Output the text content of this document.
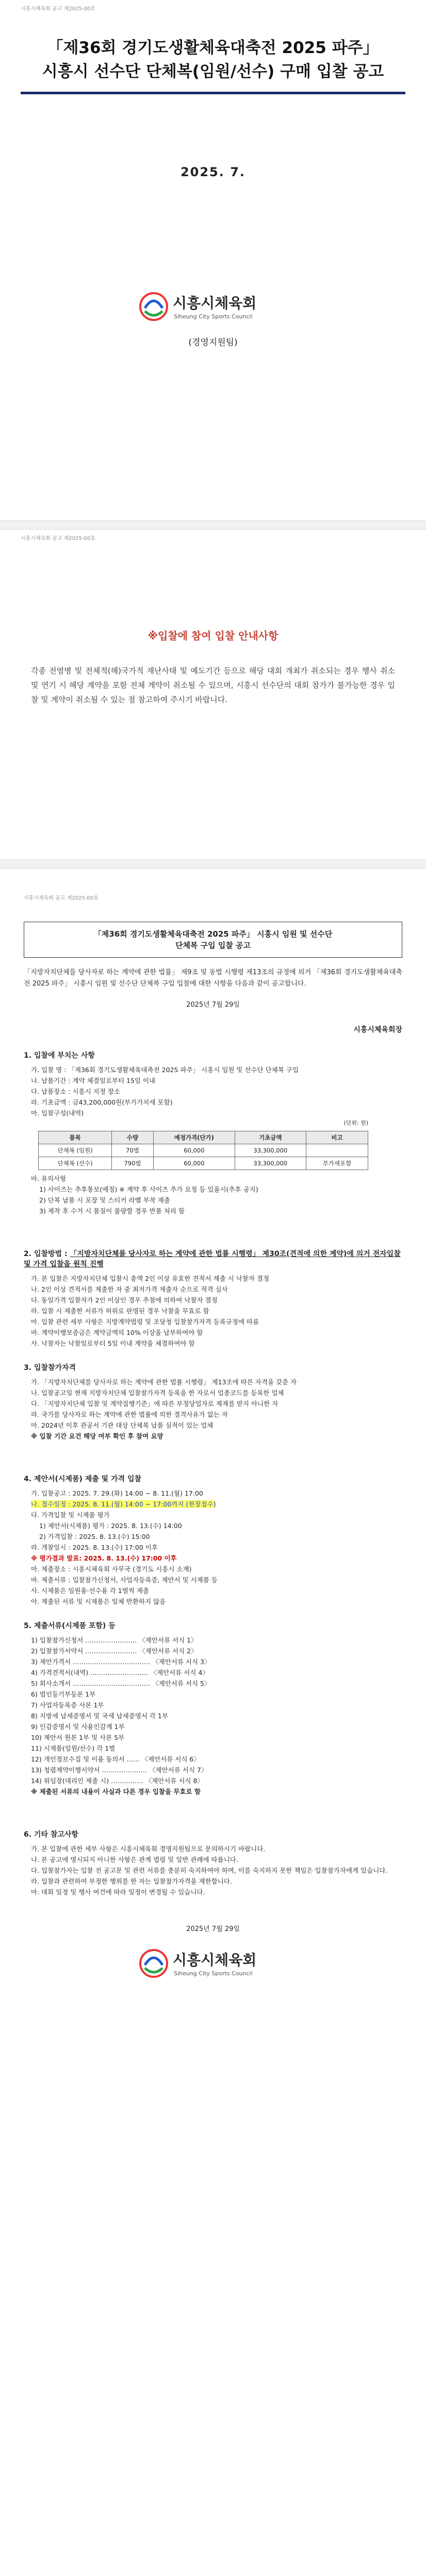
시흥시체육회 공고 제2025-00호
「제36회 경기도생활체육대축전 2025 파주」
시흥시 선수단 단체복(임원/선수) 구매 입찰 공고
2025. 7.
시흥시체육회
Siheung City Sports Council
(경영지원팀)
시흥시체육회 공고 제2025-00호
※입찰에 참여 입찰 안내사항
각종 전염병 및 전체적(해)국가적 재난사태 및 예도기간 등으로 해당 대회 개최가 취소되는 경우 행사 취소 및 연기 시 해당 계약을 포함 전체 계약이 취소될 수 있으며, 시흥시 선수단의 대회 참가가 불가능한 경우 입찰 및 계약이 취소될 수 있는 점 참고하여 주시기 바랍니다.
시흥시체육회 공고 제2025-00호
「제36회 경기도생활체육대축전 2025 파주」 시흥시 임원 및 선수단
단체복 구입 입찰 공고
「지방자치단체를 당사자로 하는 계약에 관한 법률」 제9조 및 동법 시행령 제13조의 규정에 의거 「제36회 경기도생활체육대축전 2025 파주」 시흥시 임원 및 선수단 단체복 구입 입찰에 대한 사항을 다음과 같이 공고합니다.
2025년 7월 29일
시흥시체육회장
1. 입찰에 부치는 사항
가. 입찰 명 : 「제36회 경기도생활체육대축전 2025 파주」 시흥시 임원 및 선수단 단체복 구입
나. 납품기간 : 계약 체결일로부터 15일 이내
다. 납품장소 : 시흥시 지정 장소
라. 기초금액 : 금43,200,000원(부가가치세 포함)
마. 입찰구성(내역)
(단위: 원)
품목	수량	예정가격(단가)	기초금액	비고
단체복 (임원)	70벌	60,000	33,300,000	
단체복 (선수)	790벌	60,000	33,300,000	부가세포함
바. 유의사항
1) 사이즈는 추후통보(예정) ※ 계약 후 사이즈 추가 요청 등 있을시(추후 공지)
2) 단복 납품 시 포장 및 스티커 라벨 부착 제출
3) 제작 후 수거 시 품질이 불량할 경우 반품 처리 함
2. 입찰방법 : 「지방자치단체를 당사자로 하는 계약에 관한 법률 시행령」 제30조(견적에 의한 계약)에 의거 전자입찰 및 가격 입찰을 원칙 진행
가. 본 입찰은 지방자치단체 입찰시 총액 2인 이상 유효한 견적서 제출 시 낙찰자 결정
나. 2인 이상 견적서를 제출한 자 중 최저가격 제출자 순으로 적격 심사
다. 동일가격 입찰자가 2인 이상인 경우 추첨에 의하여 낙찰자 결정
라. 입찰 시 제출한 서류가 허위로 판명된 경우 낙찰을 무효로 함
마. 입찰 관련 세부 사항은 지방계약법령 및 조달청 입찰참가자격 등록규정에 따름
바. 계약이행보증금은 계약금액의 10% 이상을 납부하여야 함
사. 낙찰자는 낙찰일로부터 5일 이내 계약을 체결하여야 함
3. 입찰참가자격
가. 「지방자치단체를 당사자로 하는 계약에 관한 법률 시행령」 제13조에 따른 자격을 갖춘 자
나. 입찰공고일 현재 지방자치단체 입찰참가자격 등록을 한 자로서 업종코드를 등록한 업체
다. 「지방자치단체 입찰 및 계약집행기준」에 따른 부정당업자로 제재를 받지 아니한 자
라. 국가를 당사자로 하는 계약에 관한 법률에 의한 결격사유가 없는 자
마. 2024년 이후 관공서 기관 대상 단체복 납품 실적이 있는 업체
※ 입찰 기간 요건 해당 여부 확인 후 참여 요망
4. 제안서(시제품) 제출 및 가격 입찰
가. 입찰공고 : 2025. 7. 29.(화) 14:00 ~ 8. 11.(월) 17:00
나. 접수일정 : 2025. 8. 11.(월) 14:00 ~ 17:00까지 (현장접수)
다. 가격입찰 및 시제품 평가
1) 제안서(시제품) 평가 : 2025. 8. 13.(수) 14:00
2) 가격입찰 : 2025. 8. 13.(수) 15:00
라. 개찰일시 : 2025. 8. 13.(수) 17:00 이후
※ 평가결과 발표: 2025. 8. 13.(수) 17:00 이후
마. 제출장소 : 시흥시체육회 사무국 (경기도 시흥시 소재)
바. 제출서류 : 입찰참가신청서, 사업자등록증, 제안서 및 시제품 등
사. 시제품은 임원용·선수용 각 1벌씩 제출
아. 제출된 서류 및 시제품은 일체 반환하지 않음
5. 제출서류(시제품 포함) 등
1) 입찰참가신청서 …………………… 〈제안서류 서식 1〉
2) 입찰참가서약서 …………………… 〈제안서류 서식 2〉
3) 제안가격서 ……………………………… 〈제안서류 서식 3〉
4) 가격견적서(내역) ……………………… 〈제안서류 서식 4〉
5) 회사소개서 ……………………………… 〈제안서류 서식 5〉
6) 법인등기부등본 1부
7) 사업자등록증 사본 1부
8) 지방세 납세증명서 및 국세 납세증명서 각 1부
9) 인감증명서 및 사용인감계 1부
10) 제안서 원본 1부 및 사본 5부
11) 시제품(임원/선수) 각 1벌
12) 개인정보수집 및 이용 동의서 …… 〈제안서류 서식 6〉
13) 청렴계약이행서약서 ………………… 〈제안서류 서식 7〉
14) 위임장(대리인 제출 시) …………… 〈제안서류 서식 8〉
※ 제출된 서류의 내용이 사실과 다른 경우 입찰을 무효로 함
6. 기타 참고사항
가. 본 입찰에 관한 세부 사항은 시흥시체육회 경영지원팀으로 문의하시기 바랍니다.
나. 본 공고에 명시되지 아니한 사항은 관계 법령 및 일반 관례에 따릅니다.
다. 입찰참가자는 입찰 전 공고문 및 관련 서류를 충분히 숙지하여야 하며, 이를 숙지하지 못한 책임은 입찰참가자에게 있습니다.
라. 입찰과 관련하여 부정한 행위를 한 자는 입찰참가자격을 제한합니다.
마. 대회 일정 및 행사 여건에 따라 일정이 변경될 수 있습니다.
2025년 7월 29일
시흥시체육회
Siheung City Sports Council
